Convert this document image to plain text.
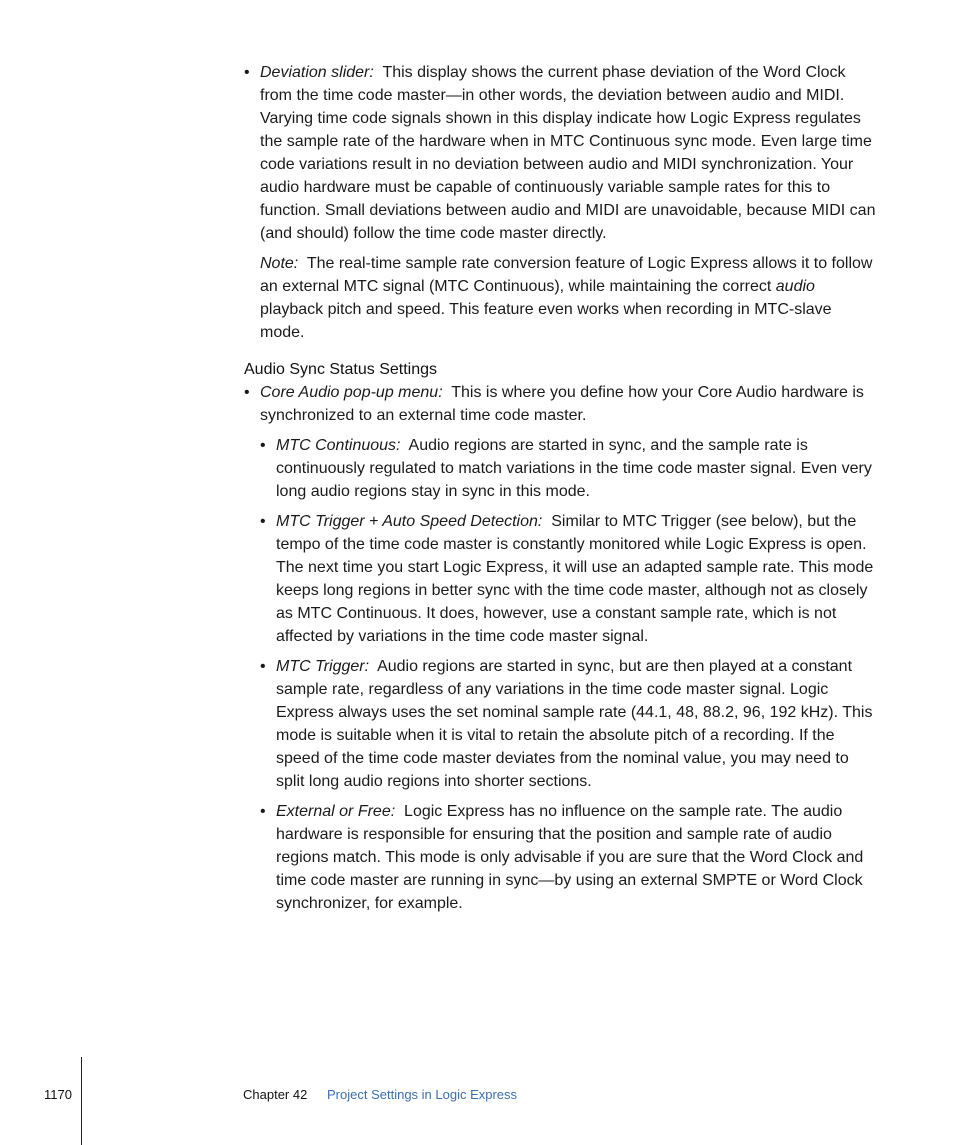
• Deviation slider: This display shows the current phase deviation of the Word Clock from the time code master—in other words, the deviation between audio and MIDI. Varying time code signals shown in this display indicate how Logic Express regulates the sample rate of the hardware when in MTC Continuous sync mode. Even large time code variations result in no deviation between audio and MIDI synchronization. Your audio hardware must be capable of continuously variable sample rates for this to function. Small deviations between audio and MIDI are unavoidable, because MIDI can (and should) follow the time code master directly.

Note: The real-time sample rate conversion feature of Logic Express allows it to follow an external MTC signal (MTC Continuous), while maintaining the correct audio playback pitch and speed. This feature even works when recording in MTC-slave mode.

Audio Sync Status Settings
• Core Audio pop-up menu: This is where you define how your Core Audio hardware is synchronized to an external time code master.

• MTC Continuous: Audio regions are started in sync, and the sample rate is continuously regulated to match variations in the time code master signal. Even very long audio regions stay in sync in this mode.

• MTC Trigger + Auto Speed Detection: Similar to MTC Trigger (see below), but the tempo of the time code master is constantly monitored while Logic Express is open. The next time you start Logic Express, it will use an adapted sample rate. This mode keeps long regions in better sync with the time code master, although not as closely as MTC Continuous. It does, however, use a constant sample rate, which is not affected by variations in the time code master signal.

• MTC Trigger: Audio regions are started in sync, but are then played at a constant sample rate, regardless of any variations in the time code master signal. Logic Express always uses the set nominal sample rate (44.1, 48, 88.2, 96, 192 kHz). This mode is suitable when it is vital to retain the absolute pitch of a recording. If the speed of the time code master deviates from the nominal value, you may need to split long audio regions into shorter sections.

• External or Free: Logic Express has no influence on the sample rate. The audio hardware is responsible for ensuring that the position and sample rate of audio regions match. This mode is only advisable if you are sure that the Word Clock and time code master are running in sync—by using an external SMPTE or Word Clock synchronizer, for example.

1170	Chapter 42 Project Settings in Logic Express
